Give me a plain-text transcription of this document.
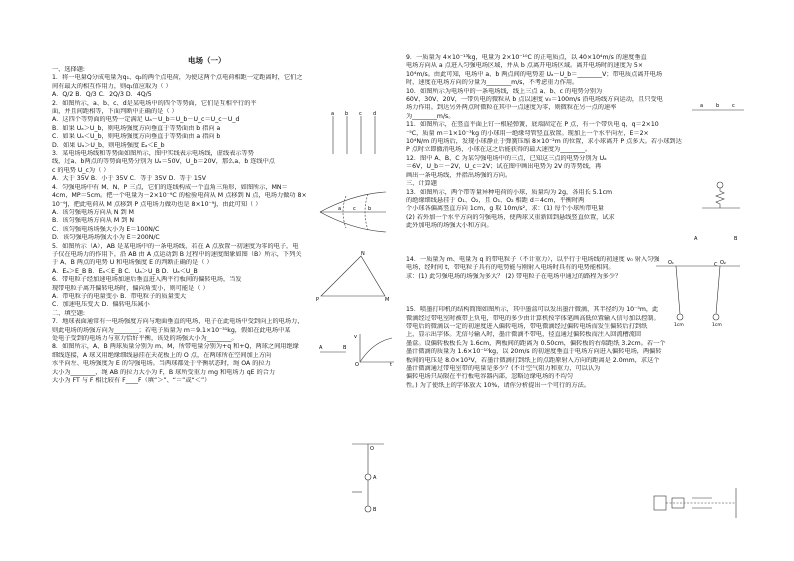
电场（一）
一、选择题:
1．将一电量Q分成电量为q₁、q₂的两个点电荷，为使这两个点电荷相距一定距离时，它们之
间有最大的相互作用力，则q₁值应取为（ ）
A．Q/2 B．Q/3 C．2Q/3 D．4Q/5
2．如图所示，a、b、c、d是某电场中的四个等势面，它们是互相平行的平
面，并且间距相等，下面判断中正确的是（ ）
A．这四个等势面的电势一定满足 Uₐ－U_b＝U_b－U_c＝U_c－U_d
B．如果 Uₐ＞U_b，则电场强度方向垂直于等势面由 b 指向 a
C．如果 Uₐ＜U_b，则电场强度方向垂直于等势面由 a 指向 b
D．如果 Uₐ＞U_b，则电场强度 Eₐ＜E_b
3．某电场电场线和等势面如图所示，图中实线表示电场线，虚线表示等势
线，过a、b两点的等势面电势分别为 Uₐ＝50V，U_b＝20V，那么a、b 连线中点
c 的电势 U_c为（ ）
A．大于 35V B．小于 35V C．等于 35V D．等于 15V
4．匀强电场中有 M、N、P 三点，它们的连线构成一个直角三角形，如图所示，MN＝
4cm，MP＝5cm。把一个电量为－2×10⁻⁹C 的检验电荷从 M 点移到 N 点，电场力做功 8×
10⁻⁹J，把此电荷从 M 点移到 P 点电场力做功也是 8×10⁻⁹J，由此可知（ ）
A．该匀强电场方向从 N 到 M
B．该匀强电场方向从 M 到 N
C．该匀强电场场强大小为 E＝100N/C
D．该匀强电场场强大小为 E＝200N/C
5．如图所示（A），AB 是某电场中的一条电场线，若在 A 点放置一初速度为零的电子，电
子仅在电场力的作用下，沿 AB 由 A 点运动到 B 过程中的速度图象如图（B）所示，下列关
于 A、B 两点的电势 U 和电场强度 E 的判断正确的是（ ）
A．Eₐ＞E_B B．Eₐ＜E_B C．Uₐ＞U_B D．Uₐ＜U_B
6．带电粒子经加速电场加速后垂直进入两平行板间的偏转电场，当发
现带电粒子离开偏转电场时，偏向角变小，则可能是（ ）
A．带电粒子的电量变小 B．带电粒子的质量变大
C．加速电压变大 D．偏转电压减小
二、填空题:
7．地球表面通常有一电场强度方向与地面垂直的电场，电子在此电场中受到向上的电场力，
则此电场的场强方向为________；若电子质量为 m＝9.1×10⁻³¹kg，假如在此电场中某
处电子受到的电场力与重力恰好平衡，该处的场强大小为________。
8．如图所示，A、B 两球质量分别为 m、M，所带电量分别为+q 和+Q，两球之间用绝缘
细线连接，A 球又用绝缘细线悬挂在天花板上的 O 点，在两球所在空间加上方向
水平向左、电场强度为 E 的匀强电场。当两球都处于平衡状态时，绳 OA 的拉力
大小为________，绳 AB 的拉力大小为 F，B 球所受重力 mg 和电场力 qE 的合力
大小为 FT 与 F 相比较有 F____F（填“＞”、“＝”或“＜”）
9．一质量为 4×10⁻¹³kg，电量为 2×10⁻¹⁰C 的正电质点，以 40×10⁴m/s 的速度垂直
电场方向从 a 点进入匀强电场区域，并从 b 点离开电场区域。离开电场时的速度为 5×
10⁴m/s。由此可知，电场中 a、b 两点间的电势差 Uₐ－U_b＝________V；带电质点离开电场
时，速度在电场方向的分量为________m/s，不考虑重力作用。
10．如图所示为电场中的一条电场线，线上三点 a、b、c 的电势分别为
60V、30V、20V，一带负电的微粒从 b 点以速度 v₀＝100m/s 沿电场线方向运动，且只受电
场力作用。到达另外两点时微粒在其中一点速度为零，则微粒在另一点的速率
为________m/s。
11．如图所示，在竖直平面上钉一根轻弹簧，底端固定在 P 点，有一个带负电 q，q＝2×10
⁻⁵C，质量 m＝1×10⁻³kg 的小球用一绝缘弯管竖直放置。现加上一个水平向左，E＝2×
10⁴N/m 的电场后，发现小球静止于弹簧压缩 8×10⁻²m 的位置，求小球离开 P 点多大。若小球到达
P 点时立即撤消电场，小球在这之后能获得的最大速度为________。
12．图中 A、B、C 为某匀强电场中的三点，已知这三点的电势分别为 Uₐ
＝6V，U_b＝－2V，U_c＝2V；试在图中画出电势为 2V 的等势线，再
画出一条电场线，并指出场强的方向。
三、计算题
13．如图所示，两个带等量异种电荷的小球，质量均为 2g，各用长 5.1cm
的绝缘细线悬挂于 O₁、O₂，且 O₁、O₂ 相距 d＝4cm，平衡时两
个小球各偏离竖直方向 1cm，g 取 10m/s²，求：(1) 每个小球所带电量
(2) 若外加一个水平方向的匀强电场，使两球又重新回到悬线竖直位置，试求
此外加电场的场强大小和方向。

14．一质量为 m、电量为 q 的带电粒子（不计重力），以平行于电场线的初速度 v₀ 射入匀强
电场，经时间 t，带电粒子具有的电势能与刚射入电场时具有的电势能相同。
求：(1) 此匀强电场的场强为多大？ (2) 带电粒子在电场中通过的路程为多少？

15．喷墨打印机的结构简图如图所示，其中墨盒可以发出墨汁微滴，其半径约为 10⁻⁵m，此
微滴经过带电室时被带上负电，带电的多少由计算机按字体笔画高低位置输入信号加以控制。
带电后的微滴以一定的初速度进入偏转电场，带电微滴经过偏转电场而发生偏转后打到纸
上，显示出字体。无信号输入时，墨汁微滴不带电，径直通过偏转板而注入回流槽流回
墨盒。设偏转板板长为 1.6cm，两板间的距离为 0.50cm，偏转板的右端距纸 3.2cm。若一个
墨汁微滴的质量为 1.6×10⁻¹⁰kg，以 20m/s 的初速度垂直于电场方向进入偏转电场，两偏转
板间的电压是 8.0×10³V，若墨汁微滴打到纸上的点距原射入方向的距离是 2.0mm，求这个
墨汁微滴通过带电室带的电量是多少？(不计空气阻力和重力，可以认为
偏转电场只局限在平行板电容器内部，忽略边缘电场的不均匀
性。) 为了使纸上的字体放大 10%，请你分析提出一个可行的方法。
a b c d
a c b
N
M
P
A	B
v
t
O
O
A
B
a	b	c
A	B
C
O₁	O₂
1cm	1cm
